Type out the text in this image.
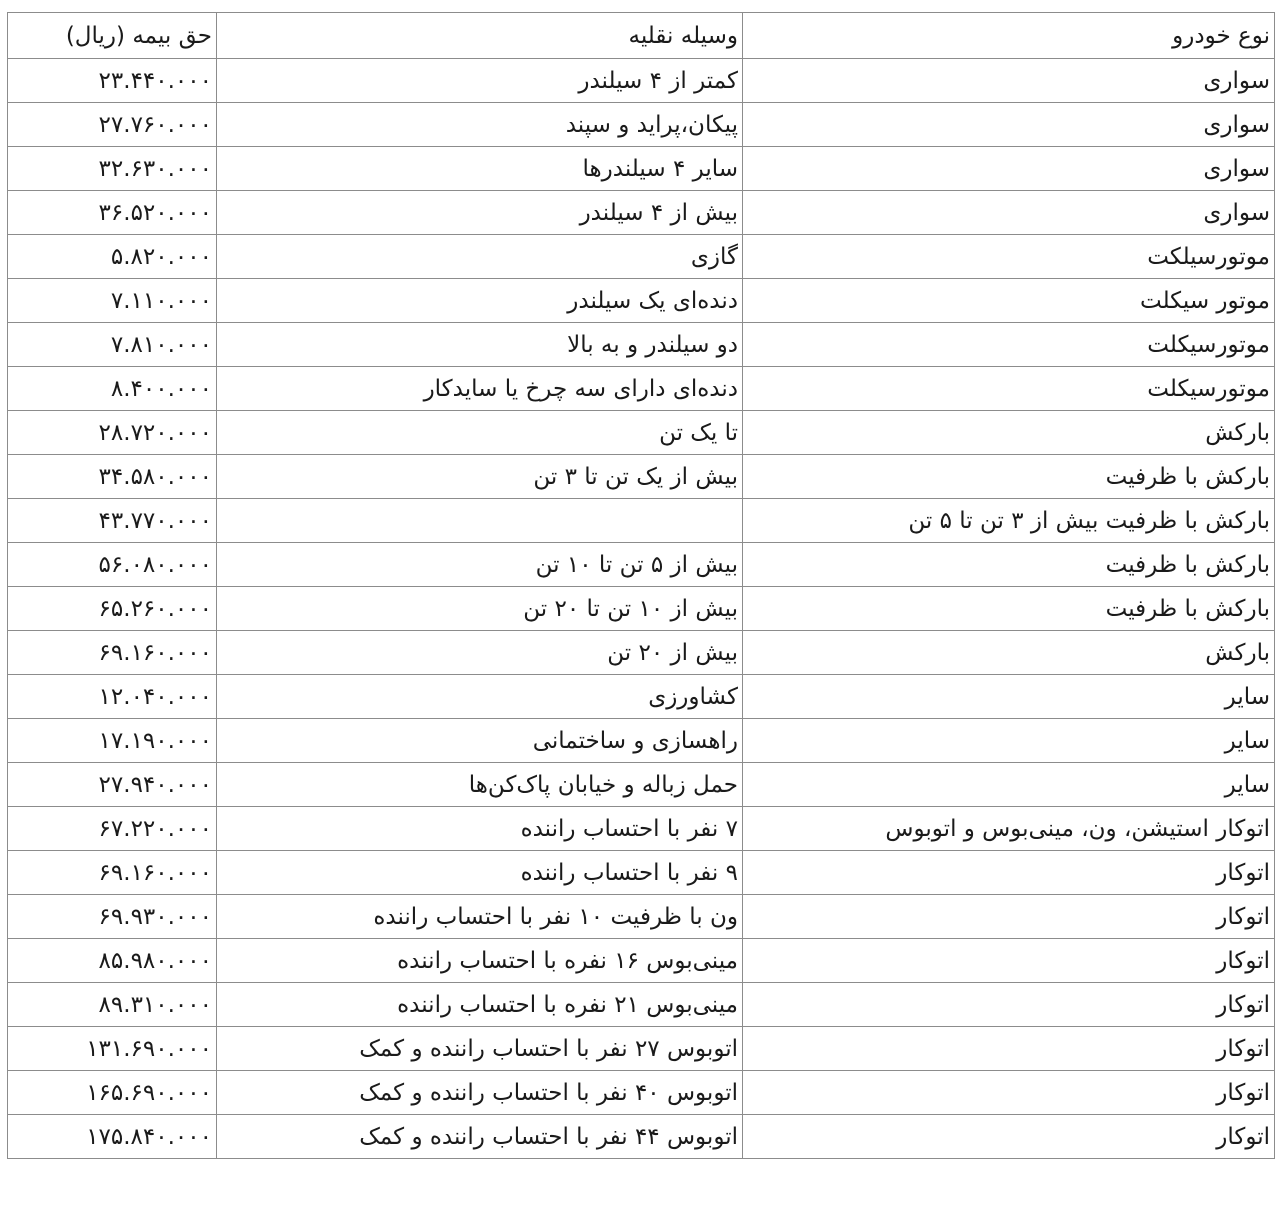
نوع خودرو	وسیله نقلیه	حق بیمه (ریال)
سواری	کمتر از ۴ سیلندر	۲۳.۴۴۰.۰۰۰
سواری	پیکان،پراید و سپند	۲۷.۷۶۰.۰۰۰
سواری	سایر ۴ سیلندرها	۳۲.۶۳۰.۰۰۰
سواری	بیش از ۴ سیلندر	۳۶.۵۲۰.۰۰۰
موتورسیلکت	گازی	۵.۸۲۰.۰۰۰
موتور سیکلت	دنده‌ای یک سیلندر	۷.۱۱۰.۰۰۰
موتورسیکلت	دو سیلندر و به بالا	۷.۸۱۰.۰۰۰
موتورسیکلت	دنده‌ای دارای سه چرخ یا سایدکار	۸.۴۰۰.۰۰۰
بارکش	تا یک تن	۲۸.۷۲۰.۰۰۰
بارکش با ظرفیت	بیش از یک تن تا ۳ تن	۳۴.۵۸۰.۰۰۰
بارکش با ظرفیت بیش از ۳ تن تا ۵ تن		۴۳.۷۷۰.۰۰۰
بارکش با ظرفیت	بیش از ۵ تن تا ۱۰ تن	۵۶.۰۸۰.۰۰۰
بارکش با ظرفیت	بیش از ۱۰ تن تا ۲۰ تن	۶۵.۲۶۰.۰۰۰
بارکش	بیش از ۲۰ تن	۶۹.۱۶۰.۰۰۰
سایر	کشاورزی	۱۲.۰۴۰.۰۰۰
سایر	راهسازی و ساختمانی	۱۷.۱۹۰.۰۰۰
سایر	حمل زباله و خیابان پاک‌کن‌ها	۲۷.۹۴۰.۰۰۰
اتوکار استیشن، ون، مینی‌بوس و اتوبوس	۷ نفر با احتساب راننده	۶۷.۲۲۰.۰۰۰
اتوکار	۹ نفر با احتساب راننده	۶۹.۱۶۰.۰۰۰
اتوکار	ون با ظرفیت ۱۰ نفر با احتساب راننده	۶۹.۹۳۰.۰۰۰
اتوکار	مینی‌بوس ۱۶ نفره با احتساب راننده	۸۵.۹۸۰.۰۰۰
اتوکار	مینی‌بوس ۲۱ نفره با احتساب راننده	۸۹.۳۱۰.۰۰۰
اتوکار	اتوبوس ۲۷ نفر با احتساب راننده و کمک	۱۳۱.۶۹۰.۰۰۰
اتوکار	اتوبوس ۴۰ نفر با احتساب راننده و کمک	۱۶۵.۶۹۰.۰۰۰
اتوکار	اتوبوس ۴۴ نفر با احتساب راننده و کمک	۱۷۵.۸۴۰.۰۰۰
